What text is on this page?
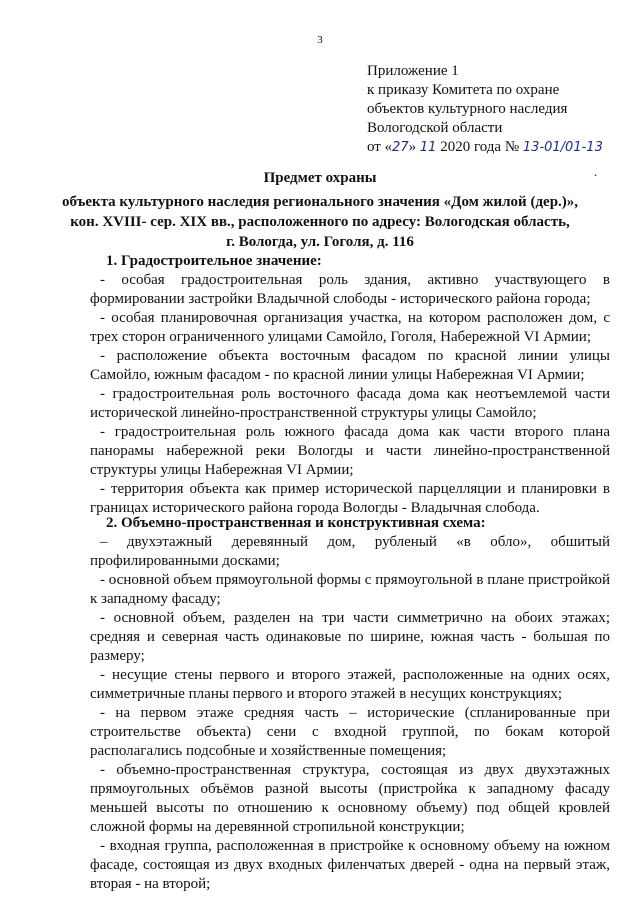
3
Приложение 1
к приказу Комитета по охране
объектов культурного наследия
Вологодской области
от «27» 11 2020 года № 13-01/01-13
.
Предмет охраны
объекта культурного наследия регионального значения «Дом жилой (дер.)»,
кон. XVIII- сер. XIX вв., расположенного по адресу: Вологодская область,
г. Вологда, ул. Гоголя, д. 116
1. Градостроительное значение:
- особая градостроительная роль здания, активно участвующего в формировании застройки Владычной слободы - исторического района города;
- особая планировочная организация участка, на котором расположен дом, с трех сторон ограниченного улицами Самойло, Гоголя, Набережной VI Армии;
- расположение объекта восточным фасадом по красной линии улицы Самойло, южным фасадом - по красной линии улицы Набережная VI Армии;
- градостроительная роль восточного фасада дома как неотъемлемой части исторической линейно-пространственной структуры улицы Самойло;
- градостроительная роль южного фасада дома как части второго плана панорамы набережной реки Вологды и части линейно-пространственной структуры улицы Набережная VI Армии;
- территория объекта как пример исторической парцелляции и планировки в границах исторического района города Вологды - Владычная слобода.
2. Объемно-пространственная и конструктивная схема:
– двухэтажный деревянный дом, рубленый «в обло», обшитый профилированными досками;
- основной объем прямоугольной формы с прямоугольной в плане пристройкой к западному фасаду;
- основной объем, разделен на три части симметрично на обоих этажах; средняя и северная часть одинаковые по ширине, южная часть - большая по размеру;
- несущие стены первого и второго этажей, расположенные на одних осях, симметричные планы первого и второго этажей в несущих конструкциях;
- на первом этаже средняя часть – исторические (спланированные при строительстве объекта) сени с входной группой, по бокам которой располагались подсобные и хозяйственные помещения;
- объемно-пространственная структура, состоящая из двух двухэтажных прямоугольных объёмов разной высоты (пристройка к западному фасаду меньшей высоты по отношению к основному объему) под общей кровлей сложной формы на деревянной стропильной конструкции;
- входная группа, расположенная в пристройке к основному объему на южном фасаде, состоящая из двух входных филенчатых дверей - одна на первый этаж, вторая - на второй;
